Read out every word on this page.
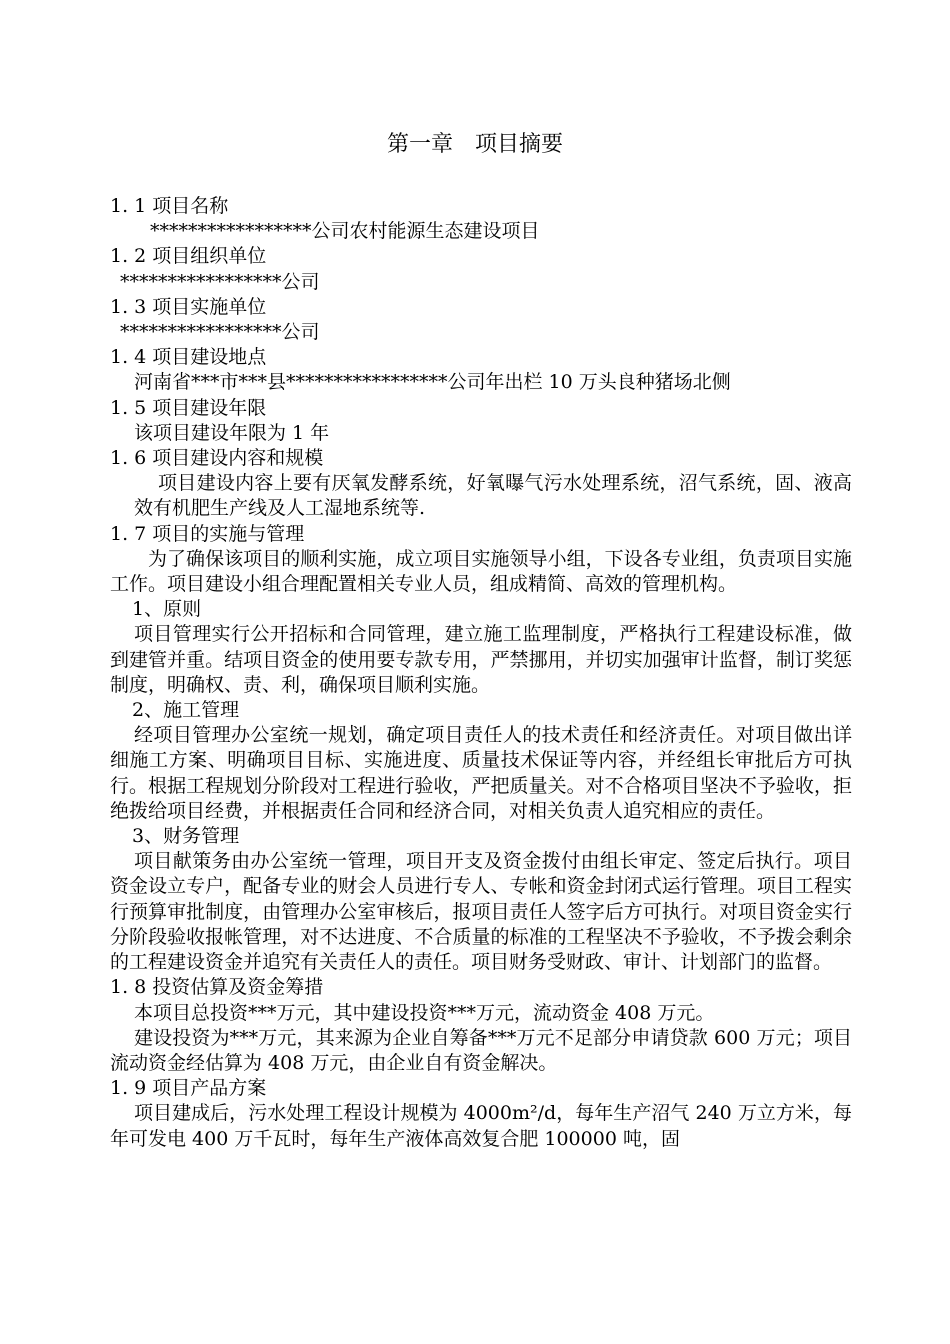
第一章　项目摘要

1. 1 项目名称

*****************公司农村能源生态建设项目

1. 2 项目组织单位

*****************公司

1. 3 项目实施单位

*****************公司

1. 4 项目建设地点

河南省***市***县*****************公司年出栏 10 万头良种猪场北侧

1. 5 项目建设年限

该项目建设年限为 1 年

1. 6 项目建设内容和规模

项目建设内容上要有厌氧发酵系统，好氧曝气污水处理系统，沼气系统，固、液高效有机肥生产线及人工湿地系统等.

1. 7 项目的实施与管理

为了确保该项目的顺利实施，成立项目实施领导小组，下设各专业组，负责项目实施工作。项目建设小组合理配置相关专业人员，组成精简、高效的管理机构。

1、原则

项目管理实行公开招标和合同管理，建立施工监理制度，严格执行工程建设标准，做到建管并重。结项目资金的使用要专款专用，严禁挪用，并切实加强审计监督，制订奖惩制度，明确权、责、利，确保项目顺利实施。

2、施工管理

经项目管理办公室统一规划，确定项目责任人的技术责任和经济责任。对项目做出详细施工方案、明确项目目标、实施进度、质量技术保证等内容，并经组长审批后方可执行。根据工程规划分阶段对工程进行验收，严把质量关。对不合格项目坚决不予验收，拒绝拨给项目经费，并根据责任合同和经济合同，对相关负责人追究相应的责任。

3、财务管理

项目献策务由办公室统一管理，项目开支及资金拨付由组长审定、签定后执行。项目资金设立专户，配备专业的财会人员进行专人、专帐和资金封闭式运行管理。项目工程实行预算审批制度，由管理办公室审核后，报项目责任人签字后方可执行。对项目资金实行分阶段验收报帐管理，对不达进度、不合质量的标准的工程坚决不予验收，不予拨会剩余的工程建设资金并追究有关责任人的责任。项目财务受财政、审计、计划部门的监督。

1. 8 投资估算及资金筹措

本项目总投资***万元，其中建设投资***万元，流动资金 408 万元。

建设投资为***万元，其来源为企业自筹备***万元不足部分申请贷款 600 万元；项目流动资金经估算为 408 万元，由企业自有资金解决。

1. 9 项目产品方案

项目建成后，污水处理工程设计规模为 4000m²/d，每年生产沼气 240 万立方米，每年可发电 400 万千瓦时，每年生产液体高效复合肥 100000 吨，固
